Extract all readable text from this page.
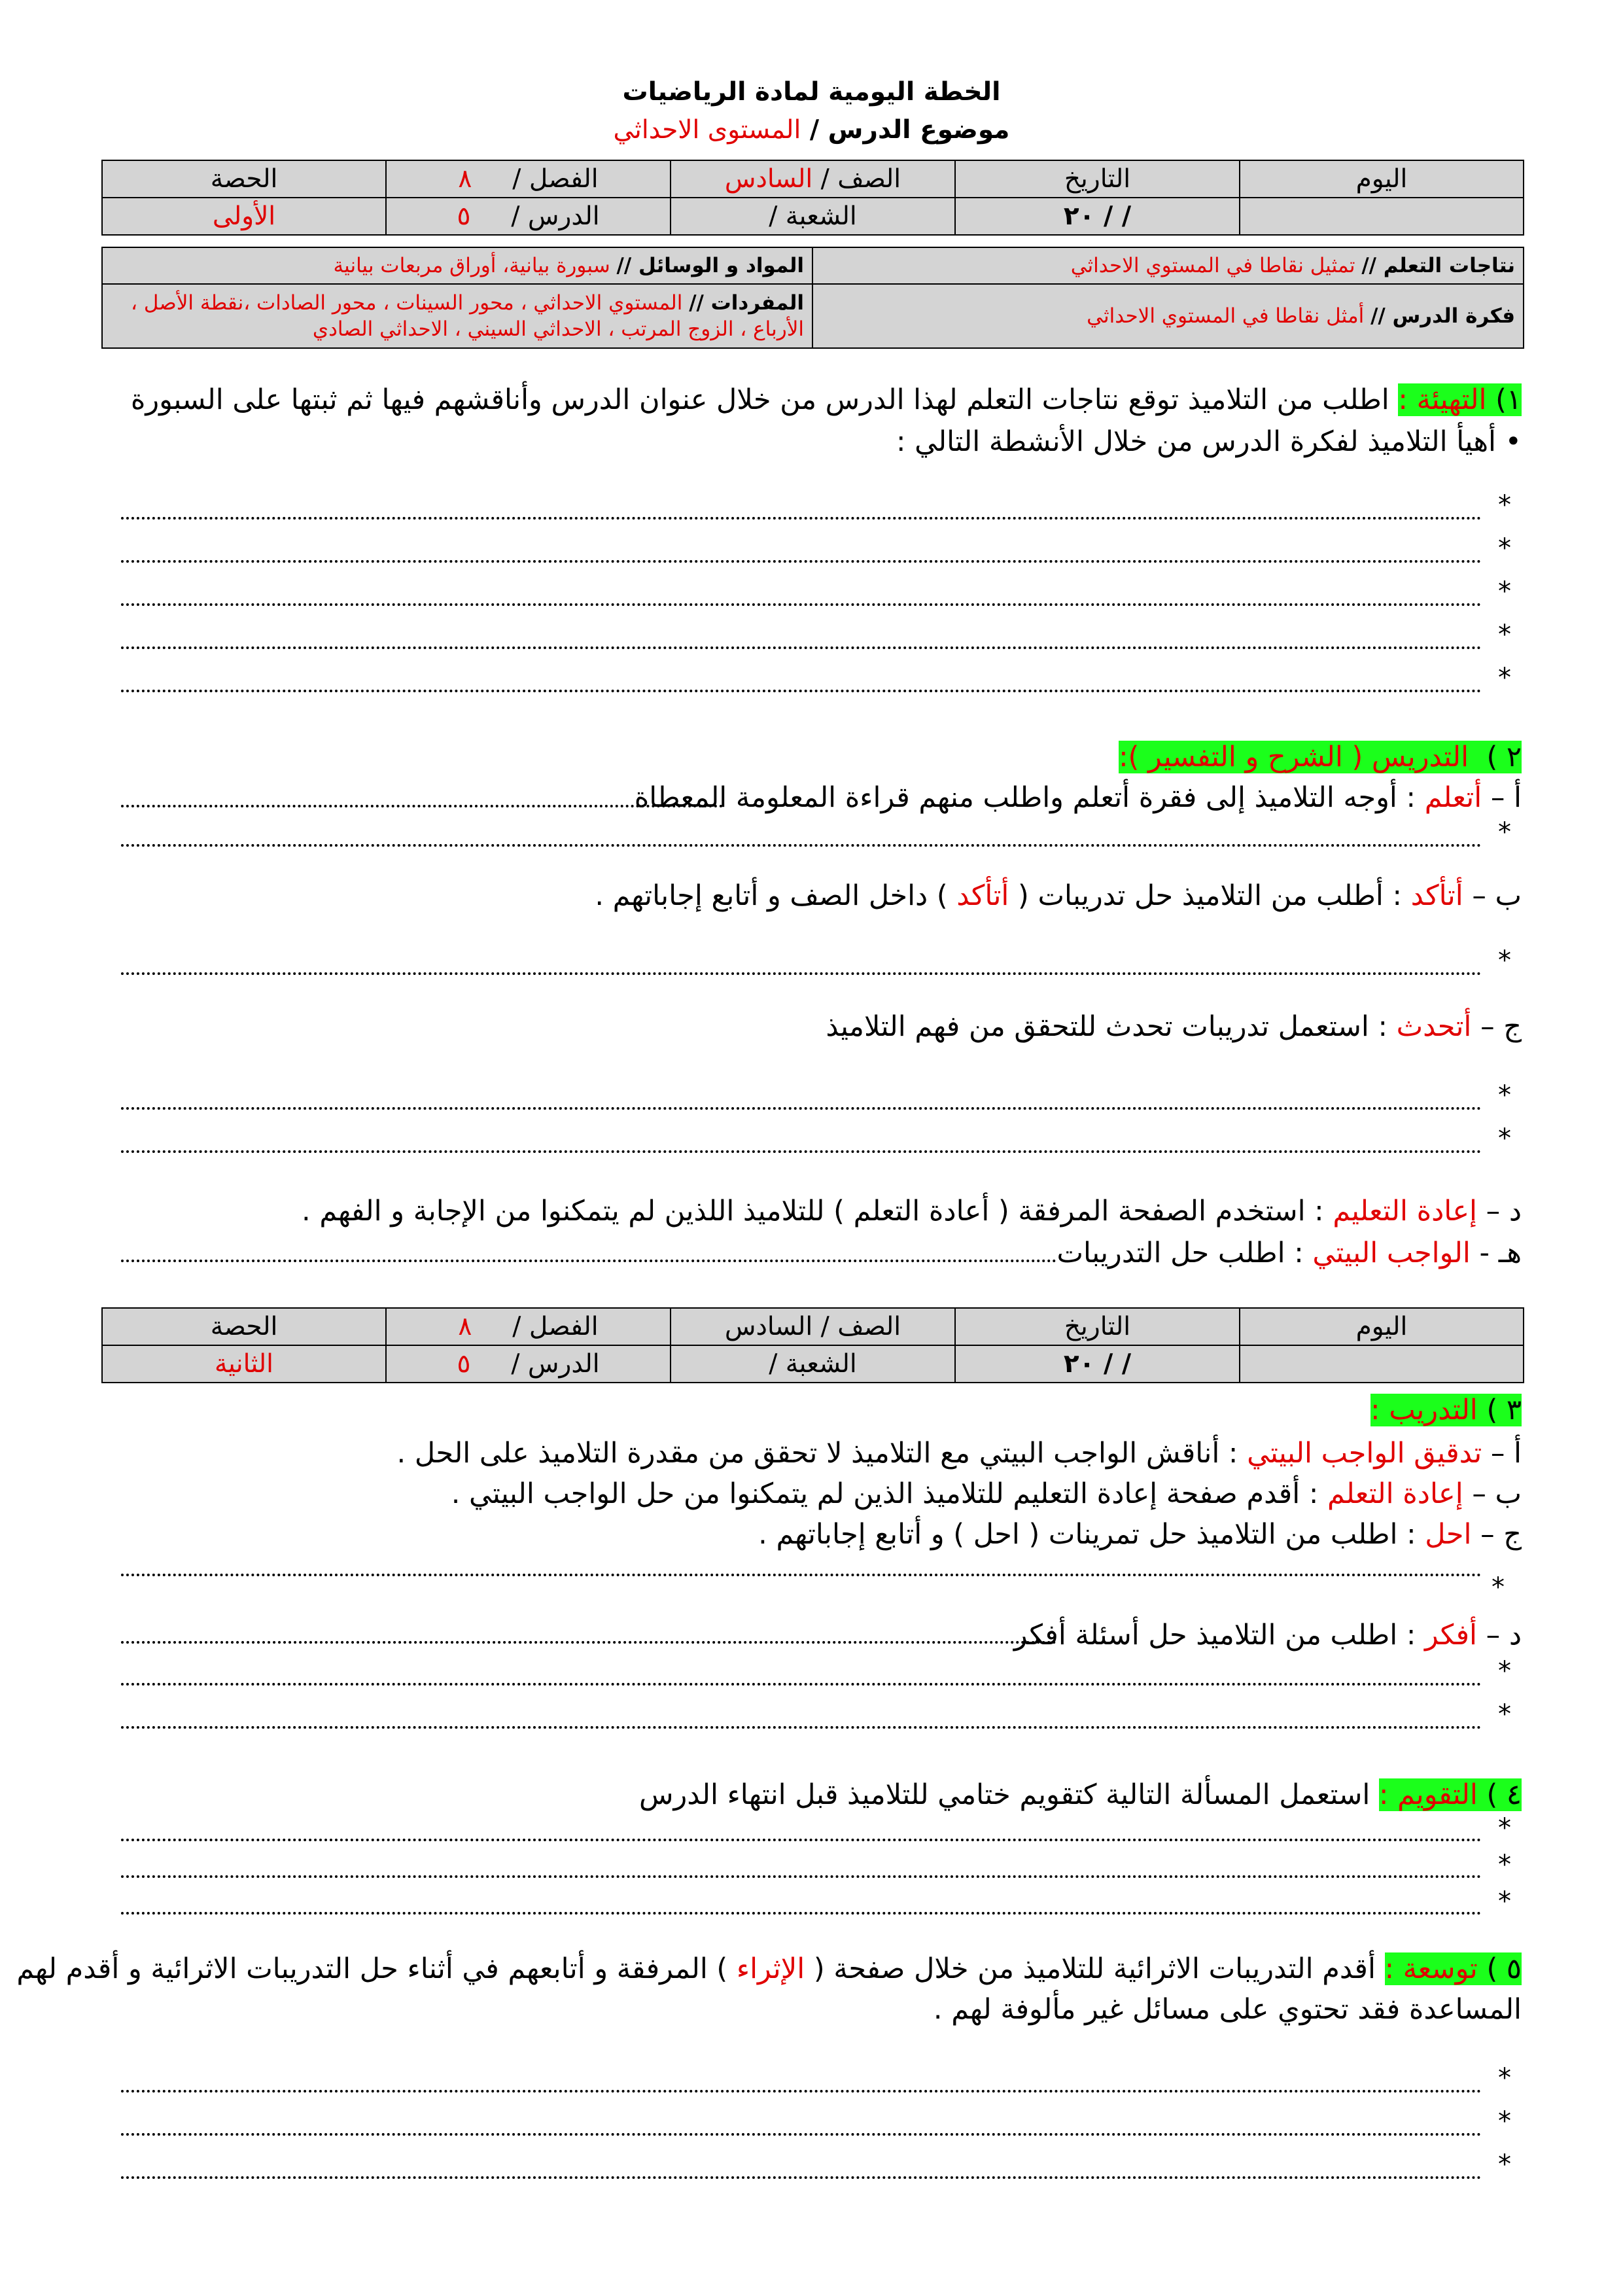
الخطة اليومية لمادة الرياضيات
موضوع الدرس / المستوى الاحداثي
اليوم	التاريخ	الصف / السادس	الفصل /     ٨	الحصة
	/ / ٢٠	الشعبة /	الدرس /     ٥	الأولى
نتاجات التعلم // تمثيل نقاطا في المستوي الاحداثي	المواد و الوسائل // سبورة بيانية، أوراق مربعات بيانية
فكرة الدرس // أمثل نقاطا في المستوي الاحداثي	المفردات // المستوي الاحداثي ، محور السينات ، محور الصادات ،نقطة الأصل ، الأرباع ، الزوج المرتب ، الاحداثي السيني ، الاحداثي الصادي
١) التهيئة : اطلب من التلاميذ توقع نتاجات التعلم لهذا الدرس من خلال عنوان الدرس وأناقشهم فيها ثم ثبتها على السبورة
• أهيأ التلاميذ لفكرة الدرس من خلال الأنشطة التالي :
*
*
*
*
*
٢ )  التدريس ( الشرح و التفسير ):
أ – أتعلم : أوجه التلاميذ إلى فقرة أتعلم واطلب منهم قراءة المعلومة المعطاة
*
ب – أتأكد : أطلب من التلاميذ حل تدريبات ( أتأكد ) داخل الصف و أتابع إجاباتهم .
*
ج – أتحدث : استعمل تدريبات تحدث للتحقق من فهم التلاميذ
*
*
د – إعادة التعليم : استخدم الصفحة المرفقة ( أعادة التعلم ) للتلاميذ اللذين لم يتمكنوا من الإجابة و الفهم .
هـ - الواجب البيتي : اطلب حل التدريبات
اليوم	التاريخ	الصف / السادس	الفصل /     ٨	الحصة
	/ / ٢٠	الشعبة /	الدرس /     ٥	الثانية
٣ ) التدريب :
أ – تدقيق الواجب البيتي : أناقش الواجب البيتي مع التلاميذ لا تحقق من مقدرة التلاميذ على الحل .
ب – إعادة التعلم : أقدم صفحة إعادة التعليم للتلاميذ الذين لم يتمكنوا من حل الواجب البيتي .
ج – احل : اطلب من التلاميذ حل تمرينات ( احل ) و أتابع إجاباتهم .
*
د – أفكر : اطلب من التلاميذ حل أسئلة أفكر
*
*
٤ ) التقويم : استعمل المسألة التالية كتقويم ختامي للتلاميذ قبل انتهاء الدرس
*
*
*
٥ ) توسعة : أقدم التدريبات الاثرائية للتلاميذ من خلال صفحة ( الإثراء ) المرفقة و أتابعهم في أثناء حل التدريبات الاثرائية و أقدم لهم
المساعدة فقد تحتوي على مسائل غير مألوفة لهم .
*
*
*
